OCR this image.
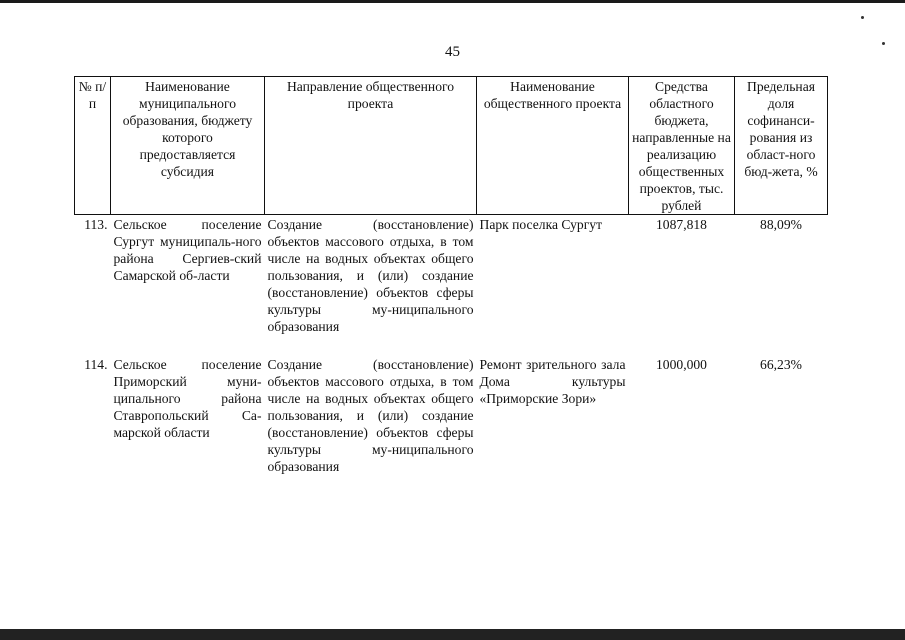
45
№ п/п	Наименование муниципального образования, бюджету которого предоставляется субсидия	Направление общественного проекта	Наименование общественного проекта	Средства областного бюджета, направленные на реализацию общественных проектов, тыс. рублей	Предельная доля софинанси-рования из област-ного бюд-жета, %
113.	Сельское поселение Сургут муниципаль-ного района Сергиев-ский Самарской об-ласти	Создание (восстановление) объектов массового отдыха, в том числе на водных объектах общего пользования, и (или) создание (восстановление) объектов сферы культуры му-ниципального образования	Парк поселка Сургут	1087,818	88,09%

114.	Сельское поселение Приморский муни-ципального района Ставропольский Са-марской области	Создание (восстановление) объектов массового отдыха, в том числе на водных объектах общего пользования, и (или) создание (восстановление) объектов сферы культуры му-ниципального образования	Ремонт зрительного зала Дома культуры «Приморские Зори»	1000,000	66,23%
